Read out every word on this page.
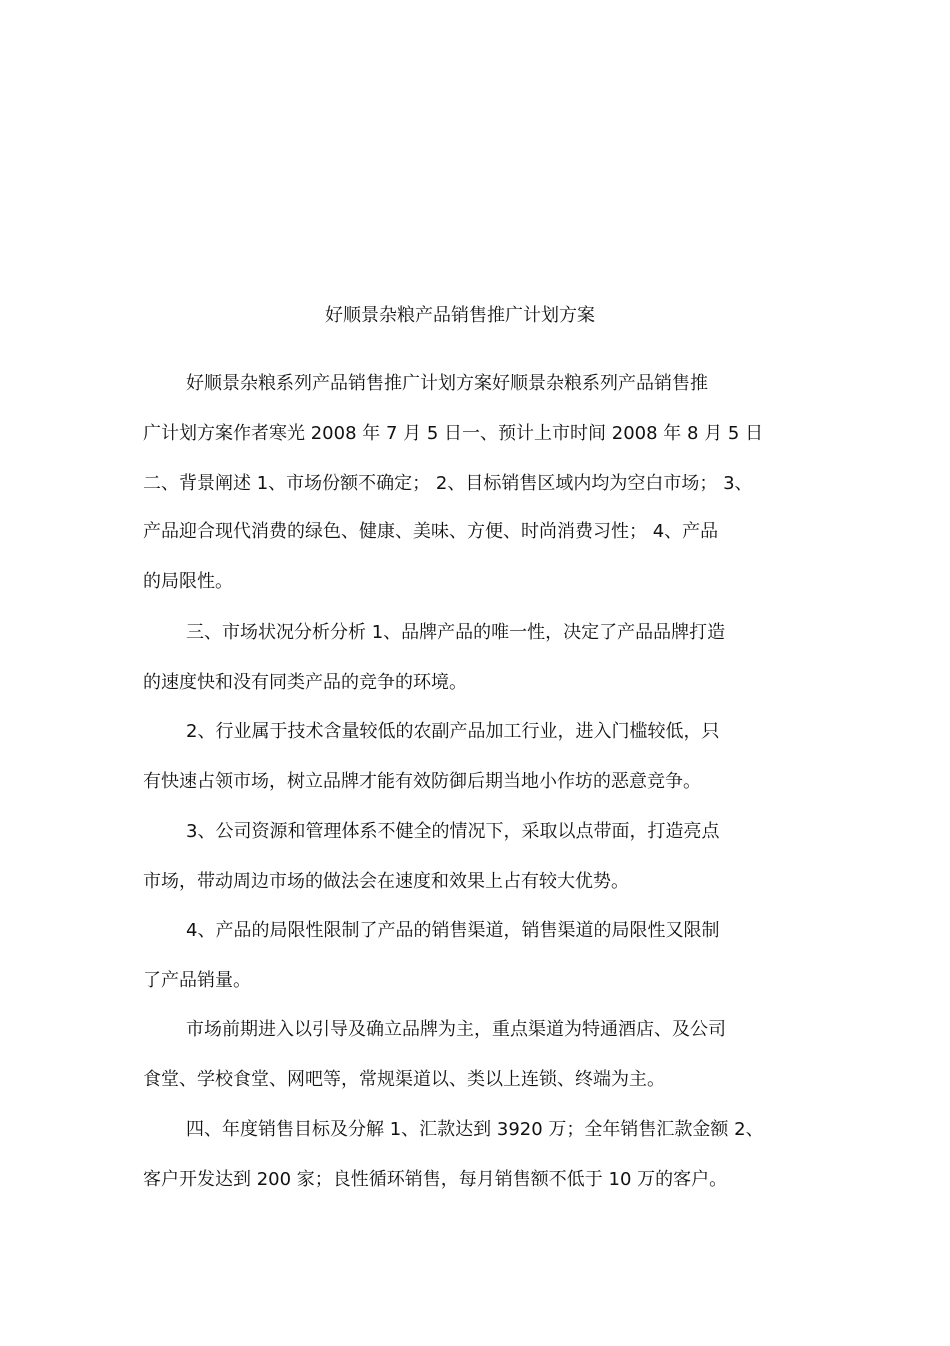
好顺景杂粮产品销售推广计划方案
好顺景杂粮系列产品销售推广计划方案好顺景杂粮系列产品销售推
广计划方案作者寒光 2008 年 7 月 5 日一、预计上市时间 2008 年 8 月 5 日
二、背景阐述 1、市场份额不确定； 2、目标销售区域内均为空白市场； 3、
产品迎合现代消费的绿色、健康、美味、方便、时尚消费习性； 4、产品
的局限性。
三、市场状况分析分析 1、品牌产品的唯一性，决定了产品品牌打造
的速度快和没有同类产品的竞争的环境。
2、行业属于技术含量较低的农副产品加工行业，进入门槛较低，只
有快速占领市场，树立品牌才能有效防御后期当地小作坊的恶意竞争。
3、公司资源和管理体系不健全的情况下，采取以点带面，打造亮点
市场，带动周边市场的做法会在速度和效果上占有较大优势。
4、产品的局限性限制了产品的销售渠道，销售渠道的局限性又限制
了产品销量。
市场前期进入以引导及确立品牌为主，重点渠道为特通酒店、及公司
食堂、学校食堂、网吧等，常规渠道以、类以上连锁、终端为主。
四、年度销售目标及分解 1、汇款达到 3920 万；全年销售汇款金额 2、
客户开发达到 200 家；良性循环销售，每月销售额不低于 10 万的客户。
